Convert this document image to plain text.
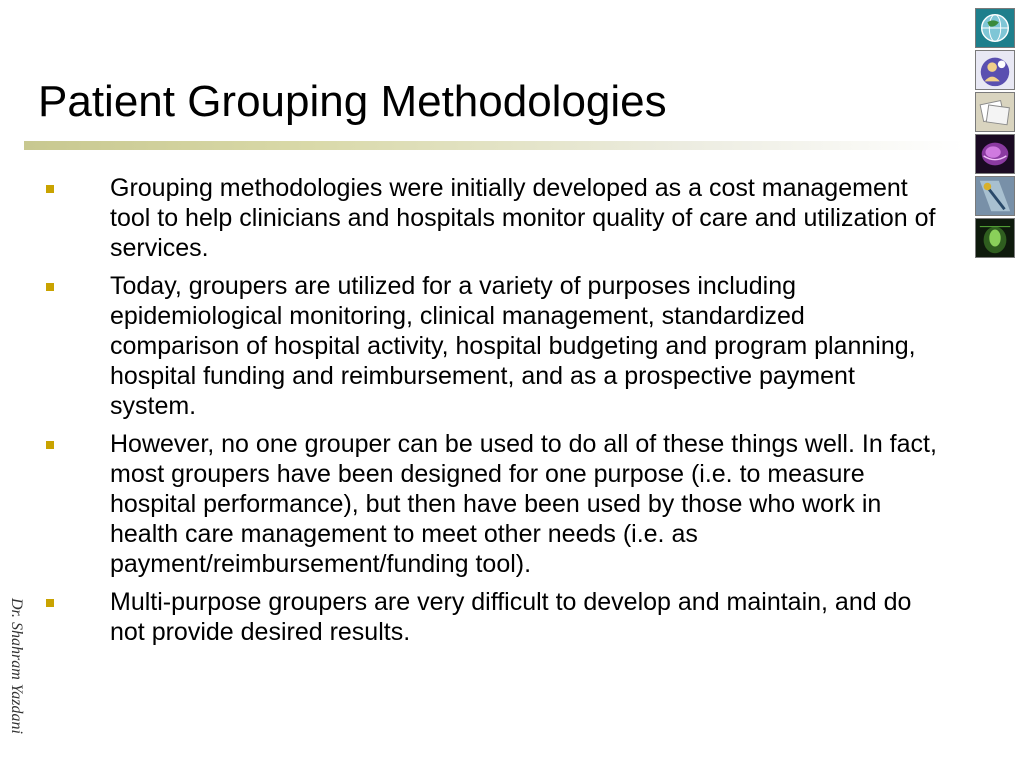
Patient Grouping Methodologies
Grouping methodologies were initially developed as a cost management tool to help clinicians and hospitals monitor quality of care and utilization of services.
Today, groupers are utilized for a variety of purposes including epidemiological monitoring, clinical management, standardized comparison of hospital activity, hospital budgeting and program planning, hospital funding and reimbursement, and as a prospective payment system.
However, no one grouper can be used to do all of these things well. In fact, most groupers have been designed for one purpose (i.e. to measure hospital performance), but then have been used by those who work in health care management to meet other needs (i.e. as payment/reimbursement/funding tool).
Multi-purpose groupers are very difficult to develop and maintain, and do not provide desired results.
Dr. Shahram Yazdani
